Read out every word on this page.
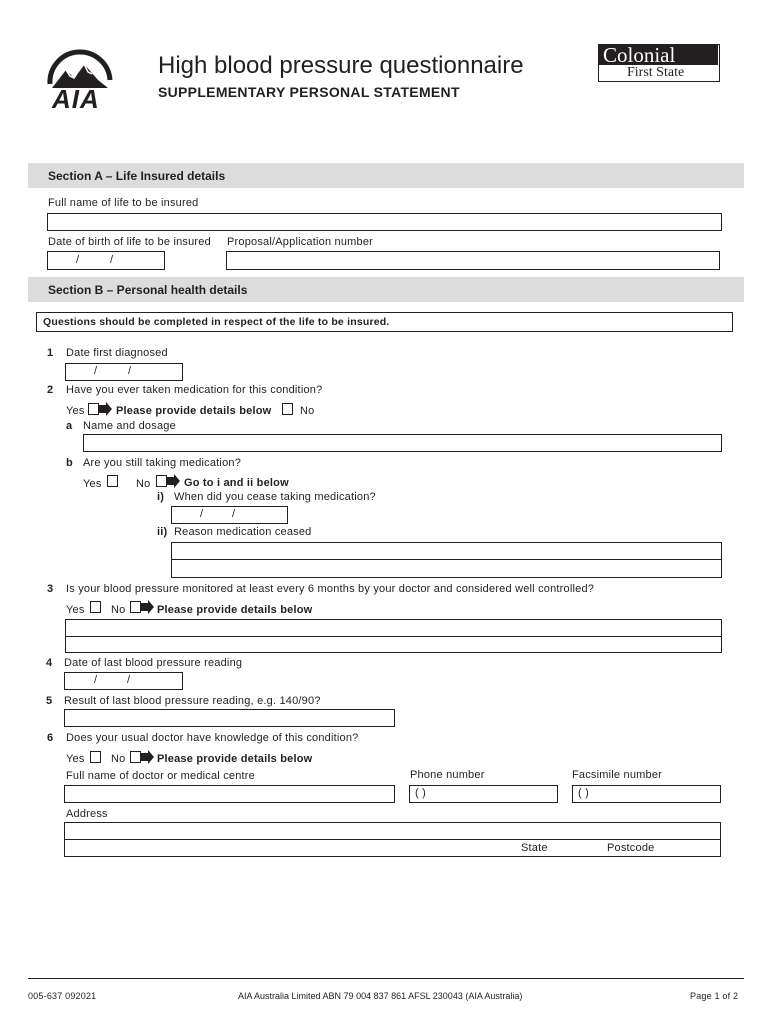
AIA
High blood pressure questionnaire
SUPPLEMENTARY PERSONAL STATEMENT
Colonial
First State
Section A – Life Insured details
Full name of life to be insured
Date of birth of life to be insured Proposal/Application number
/	/
Section B – Personal health details
Questions should be completed in respect of the life to be insured.
1 Date first diagnosed
/	/
2 Have you ever taken medication for this condition?
Yes	Please provide details below	No
a Name and dosage
b Are you still taking medication?
Yes	No	Go to i and ii below
i) When did you cease taking medication?
/	/
ii) Reason medication ceased
3 Is your blood pressure monitored at least every 6 months by your doctor and considered well controlled?
Yes No	Please provide details below
4 Date of last blood pressure reading
/	/
5 Result of last blood pressure reading, e.g. 140/90?
6 Does your usual doctor have knowledge of this condition?
Yes No	Please provide details below
Full name of doctor or medical centre	Phone number	Facsimile number
( )	( )
Address
State	Postcode
005-637 092021	AIA Australia Limited ABN 79 004 837 861 AFSL 230043 (AIA Australia)	Page 1 of 2
